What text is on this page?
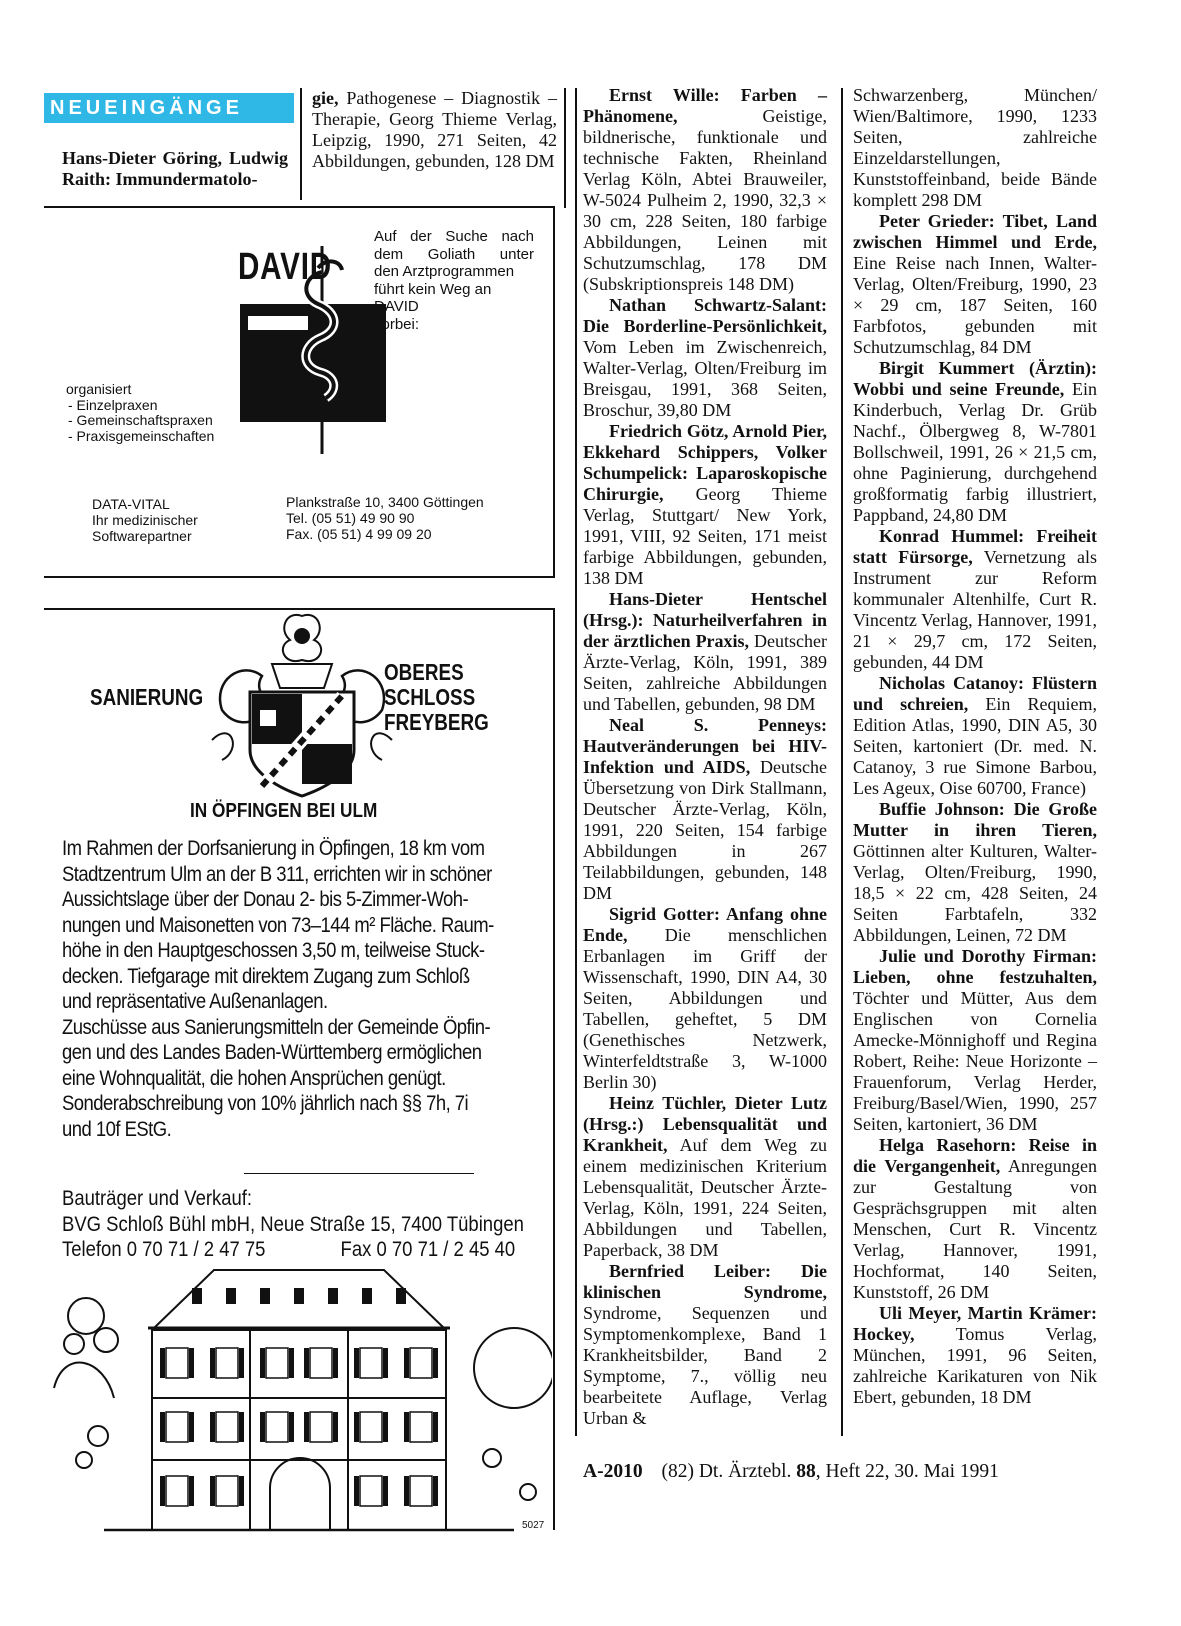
NEUEINGÄNGE
Hans-Dieter Göring, Ludwig Raith: Immundermatolo-
gie, Pathogenese – Diagnostik – Therapie, Georg Thieme Verlag, Leipzig, 1990, 271 Seiten, 42 Abbildungen, gebunden, 128 DM
DAVID
Auf der Suche nach
dem Goliath unter
den Arztprogrammen
führt kein Weg an
DAVID
vorbei:
organisiert
- Einzelpraxen
- Gemeinschaftspraxen
- Praxisgemeinschaften
DATA-VITAL
Ihr medizinischer
Softwarepartner
Plankstraße 10, 3400 Göttingen
Tel. (05 51) 49 90 90
Fax. (05 51) 4 99 09 20
SANIERUNG
OBERES
SCHLOSS
FREYBERG
IN ÖPFINGEN BEI ULM
Im Rahmen der Dorfsanierung in Öpfingen, 18 km vom
Stadtzentrum Ulm an der B 311, errichten wir in schöner
Aussichtslage über der Donau 2- bis 5-Zimmer-Woh-
nungen und Maisonetten von 73–144 m² Fläche. Raum-
höhe in den Hauptgeschossen 3,50 m, teilweise Stuck-
decken. Tiefgarage mit direktem Zugang zum Schloß
und repräsentative Außenanlagen.
Zuschüsse aus Sanierungsmitteln der Gemeinde Öpfin-
gen und des Landes Baden-Württemberg ermöglichen
eine Wohnqualität, die hohen Ansprüchen genügt.
Sonderabschreibung von 10% jährlich nach §§ 7h, 7i
und 10f EStG.
Bauträger und Verkauf:
BVG Schloß Bühl mbH, Neue Straße 15, 7400 Tübingen
Telefon 0 70 71 / 2 47 75	Fax 0 70 71 / 2 45 40
5027

Ernst Wille: Farben – Phänomene, Geistige, bildnerische, funktionale und technische Fakten, Rheinland Verlag Köln, Abtei Brauweiler, W-5024 Pulheim 2, 1990, 32,3 × 30 cm, 228 Seiten, 180 farbige Abbildungen, Leinen mit Schutzumschlag, 178 DM (Subskriptionspreis 148 DM)

Nathan Schwartz-Salant: Die Borderline-Persönlichkeit, Vom Leben im Zwischenreich, Walter-Verlag, Olten/Freiburg im Breisgau, 1991, 368 Seiten, Broschur, 39,80 DM

Friedrich Götz, Arnold Pier, Ekkehard Schippers, Volker Schumpelick: Laparoskopische Chirurgie, Georg Thieme Verlag, Stuttgart/ New York, 1991, VIII, 92 Seiten, 171 meist farbige Abbildungen, gebunden, 138 DM

Hans-Dieter Hentschel (Hrsg.): Naturheilverfahren in der ärztlichen Praxis, Deutscher Ärzte-Verlag, Köln, 1991, 389 Seiten, zahlreiche Abbildungen und Tabellen, gebunden, 98 DM

Neal S. Penneys: Hautveränderungen bei HIV-Infektion und AIDS, Deutsche Übersetzung von Dirk Stallmann, Deutscher Ärzte-Verlag, Köln, 1991, 220 Seiten, 154 farbige Abbildungen in 267 Teilabbildungen, gebunden, 148 DM

Sigrid Gotter: Anfang ohne Ende, Die menschlichen Erbanlagen im Griff der Wissenschaft, 1990, DIN A4, 30 Seiten, Abbildungen und Tabellen, geheftet, 5 DM (Genethisches Netzwerk, Winterfeldtstraße 3, W-1000 Berlin 30)

Heinz Tüchler, Dieter Lutz (Hrsg.:) Lebensqualität und Krankheit, Auf dem Weg zu einem medizinischen Kriterium Lebensqualität, Deutscher Ärzte-Verlag, Köln, 1991, 224 Seiten, Abbildungen und Tabellen, Paperback, 38 DM

Bernfried Leiber: Die klinischen Syndrome, Syndrome, Sequenzen und Symptomenkomplexe, Band 1 Krankheitsbilder, Band 2 Symptome, 7., völlig neu bearbeitete Auflage, Verlag Urban &

Schwarzenberg, München/ Wien/Baltimore, 1990, 1233 Seiten, zahlreiche Einzeldarstellungen, Kunststoffeinband, beide Bände komplett 298 DM

Peter Grieder: Tibet, Land zwischen Himmel und Erde, Eine Reise nach Innen, Walter-Verlag, Olten/Freiburg, 1990, 23 × 29 cm, 187 Seiten, 160 Farbfotos, gebunden mit Schutzumschlag, 84 DM

Birgit Kummert (Ärztin): Wobbi und seine Freunde, Ein Kinderbuch, Verlag Dr. Grüb Nachf., Ölbergweg 8, W-7801 Bollschweil, 1991, 26 × 21,5 cm, ohne Paginierung, durchgehend großformatig farbig illustriert, Pappband, 24,80 DM

Konrad Hummel: Freiheit statt Fürsorge, Vernetzung als Instrument zur Reform kommunaler Altenhilfe, Curt R. Vincentz Verlag, Hannover, 1991, 21 × 29,7 cm, 172 Seiten, gebunden, 44 DM

Nicholas Catanoy: Flüstern und schreien, Ein Requiem, Edition Atlas, 1990, DIN A5, 30 Seiten, kartoniert (Dr. med. N. Catanoy, 3 rue Simone Barbou, Les Ageux, Oise 60700, France)

Buffie Johnson: Die Große Mutter in ihren Tieren, Göttinnen alter Kulturen, Walter-Verlag, Olten/Freiburg, 1990, 18,5 × 22 cm, 428 Seiten, 24 Seiten Farbtafeln, 332 Abbildungen, Leinen, 72 DM

Julie und Dorothy Firman: Lieben, ohne festzuhalten, Töchter und Mütter, Aus dem Englischen von Cornelia Amecke-Mönnighoff und Regina Robert, Reihe: Neue Horizonte – Frauenforum, Verlag Herder, Freiburg/Basel/Wien, 1990, 257 Seiten, kartoniert, 36 DM

Helga Rasehorn: Reise in die Vergangenheit, Anregungen zur Gestaltung von Gesprächsgruppen mit alten Menschen, Curt R. Vincentz Verlag, Hannover, 1991, Hochformat, 140 Seiten, Kunststoff, 26 DM

Uli Meyer, Martin Krämer: Hockey, Tomus Verlag, München, 1991, 96 Seiten, zahlreiche Karikaturen von Nik Ebert, gebunden, 18 DM

A-2010 (82) Dt. Ärztebl. 88, Heft 22, 30. Mai 1991
